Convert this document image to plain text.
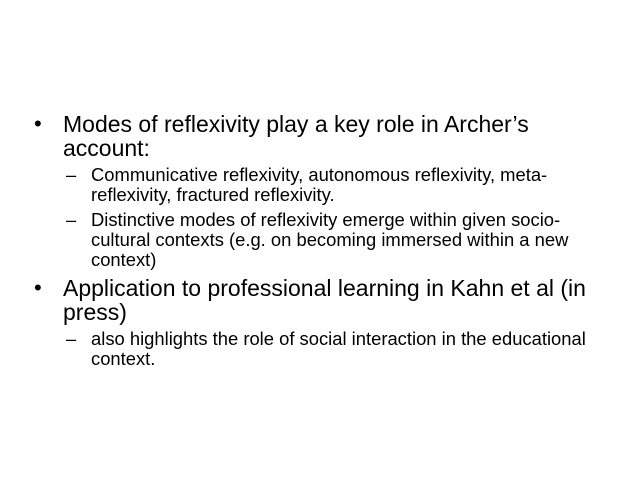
• Modes of reflexivity play a key role in Archer’s account:
– Communicative reflexivity, autonomous reflexivity, meta-reflexivity, fractured reflexivity.
– Distinctive modes of reflexivity emerge within given socio-cultural contexts (e.g. on becoming immersed within a new context)
• Application to professional learning in Kahn et al (in press)
– also highlights the role of social interaction in the educational context.
